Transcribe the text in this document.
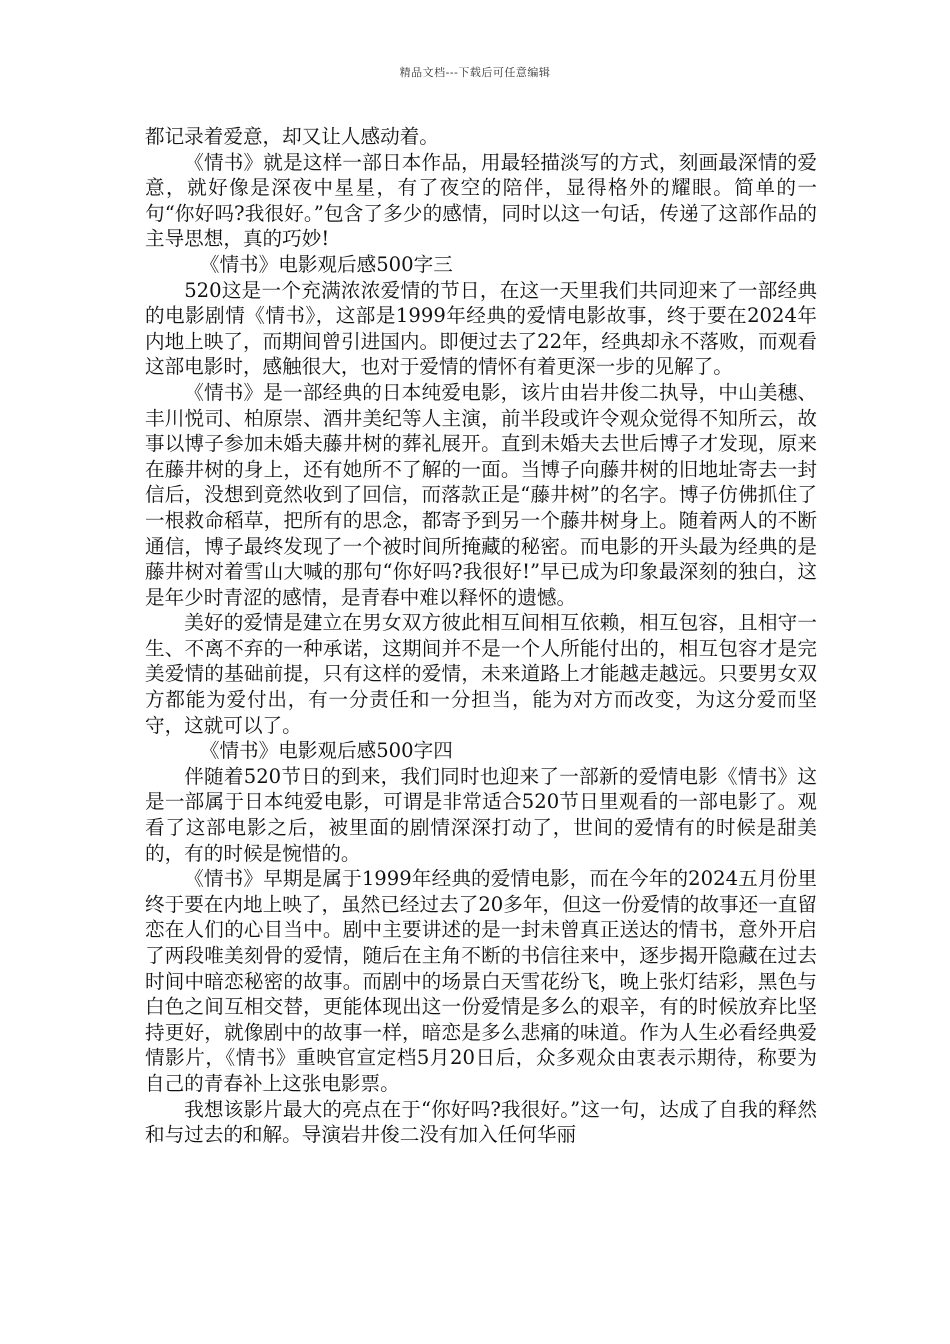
精品文档---下载后可任意编辑

都记录着爱意，却又让人感动着。

《情书》就是这样一部日本作品，用最轻描淡写的方式，刻画最深情的爱意，就好像是深夜中星星，有了夜空的陪伴，显得格外的耀眼。简单的一句“你好吗?我很好。”包含了多少的感情，同时以这一句话，传递了这部作品的主导思想，真的巧妙!

《情书》电影观后感500字三

520这是一个充满浓浓爱情的节日，在这一天里我们共同迎来了一部经典的电影剧情《情书》，这部是1999年经典的爱情电影故事，终于要在2024年内地上映了，而期间曾引进国内。即便过去了22年，经典却永不落败，而观看这部电影时，感触很大，也对于爱情的情怀有着更深一步的见解了。

《情书》是一部经典的日本纯爱电影，该片由岩井俊二执导，中山美穗、丰川悦司、柏原崇、酒井美纪等人主演，前半段或许令观众觉得不知所云，故事以博子参加未婚夫藤井树的葬礼展开。直到未婚夫去世后博子才发现，原来在藤井树的身上，还有她所不了解的一面。当博子向藤井树的旧地址寄去一封信后，没想到竟然收到了回信，而落款正是“藤井树”的名字。博子仿佛抓住了一根救命稻草，把所有的思念，都寄予到另一个藤井树身上。随着两人的不断通信，博子最终发现了一个被时间所掩藏的秘密。而电影的开头最为经典的是藤井树对着雪山大喊的那句“你好吗?我很好!”早已成为印象最深刻的独白，这是年少时青涩的感情，是青春中难以释怀的遗憾。

美好的爱情是建立在男女双方彼此相互间相互依赖，相互包容，且相守一生、不离不弃的一种承诺，这期间并不是一个人所能付出的，相互包容才是完美爱情的基础前提，只有这样的爱情，未来道路上才能越走越远。只要男女双方都能为爱付出，有一分责任和一分担当，能为对方而改变，为这分爱而坚守，这就可以了。

《情书》电影观后感500字四

伴随着520节日的到来，我们同时也迎来了一部新的爱情电影《情书》这是一部属于日本纯爱电影，可谓是非常适合520节日里观看的一部电影了。观看了这部电影之后，被里面的剧情深深打动了，世间的爱情有的时候是甜美的，有的时候是惋惜的。

《情书》早期是属于1999年经典的爱情电影，而在今年的2024五月份里终于要在内地上映了，虽然已经过去了20多年，但这一份爱情的故事还一直留恋在人们的心目当中。剧中主要讲述的是一封未曾真正送达的情书，意外开启了两段唯美刻骨的爱情，随后在主角不断的书信往来中，逐步揭开隐藏在过去时间中暗恋秘密的故事。而剧中的场景白天雪花纷飞，晚上张灯结彩，黑色与白色之间互相交替，更能体现出这一份爱情是多么的艰辛，有的时候放弃比坚持更好，就像剧中的故事一样，暗恋是多么悲痛的味道。作为人生必看经典爱情影片，《情书》重映官宣定档5月20日后，众多观众由衷表示期待，称要为自己的青春补上这张电影票。

我想该影片最大的亮点在于“你好吗?我很好。”这一句，达成了自我的释然和与过去的和解。导演岩井俊二没有加入任何华丽
